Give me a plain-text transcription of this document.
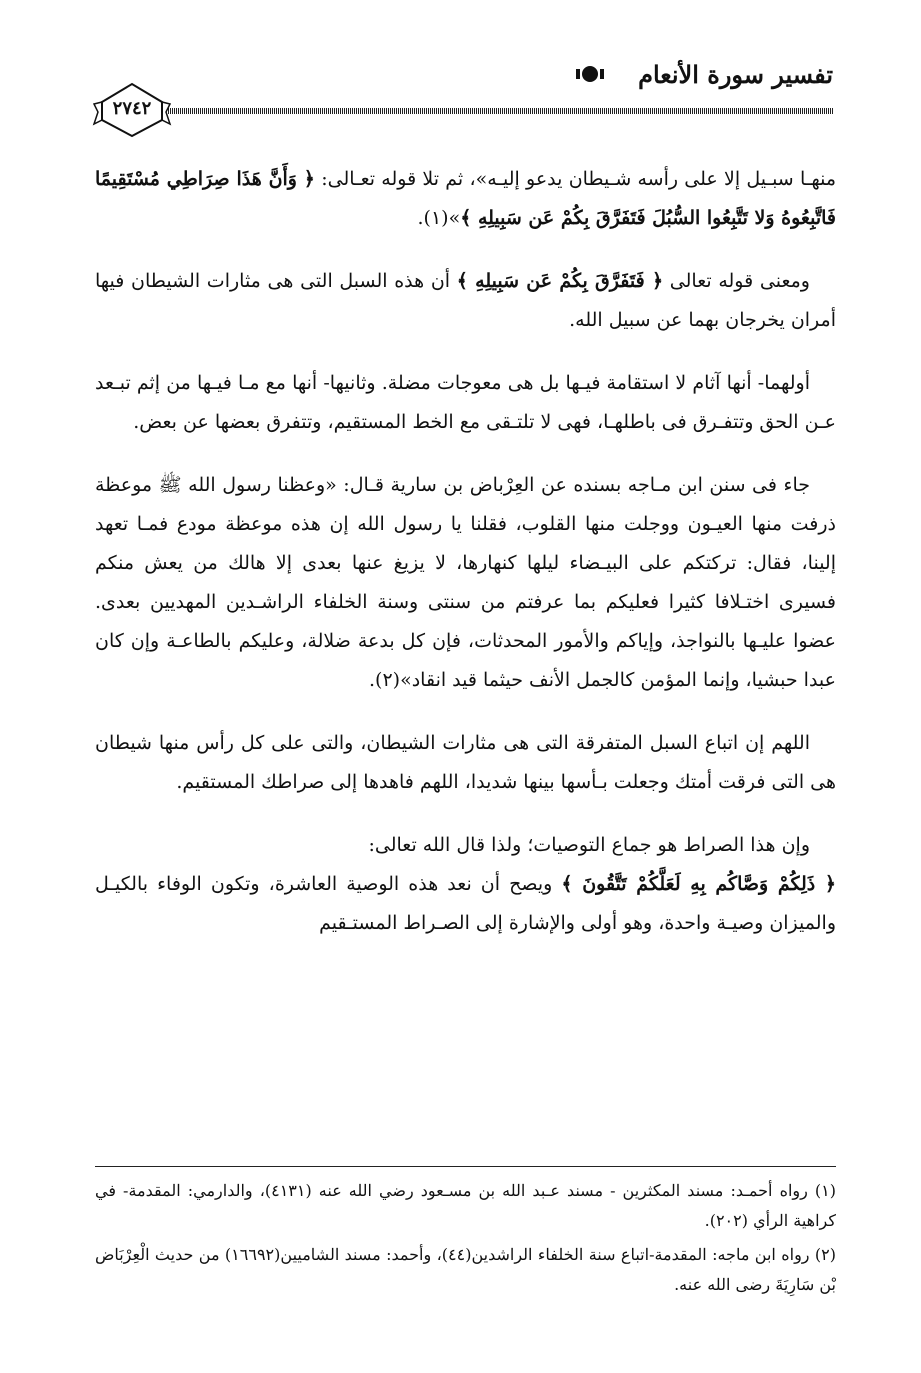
تفسير سورة الأنعام
٢٧٤٢

منهـا سبـيل إلا على رأسه شـيطان يدعو إليـه»، ثم تلا قوله تعـالى: ﴿ وَأَنَّ هَذَا صِرَاطِي مُسْتَقِيمًا فَاتَّبِعُوهُ وَلا تَتَّبِعُوا السُّبُلَ فَتَفَرَّقَ بِكُمْ عَن سَبِيلِهِ ﴾»(١).

ومعنى قوله تعالى ﴿ فَتَفَرَّقَ بِكُمْ عَن سَبِيلِهِ ﴾ أن هذه السبل التى هى مثارات الشيطان فيها أمران يخرجان بهما عن سبيل الله.

أولهما- أنها آثام لا استقامة فيـها بل هى معوجات مضلة. وثانيها- أنها مع مـا فيـها من إثم تبـعد عـن الحق وتتفـرق فى باطلهـا، فهى لا تلتـقى مع الخط المستقيم، وتتفرق بعضها عن بعض.

جاء فى سنن ابن مـاجه بسنده عن العِرْباض بن سارية قـال: «وعظنا رسول الله ﷺ موعظة ذرفت منها العيـون ووجلت منها القلوب، فقلنا يا رسول الله إن هذه موعظة مودع فمـا تعهد إلينا، فقال: تركتكم على البيـضاء ليلها كنهارها، لا يزيغ عنها بعدى إلا هالك من يعش منكم فسيرى اختـلافا كثيرا فعليكم بما عرفتم من سنتى وسنة الخلفاء الراشـدين المهديين بعدى. عضوا عليـها بالنواجذ، وإياكم والأمور المحدثات، فإن كل بدعة ضلالة، وعليكم بالطاعـة وإن كان عبدا حبشيا، وإنما المؤمن كالجمل الأنف حيثما قيد انقاد»(٢).

اللهم إن اتباع السبل المتفرقة التى هى مثارات الشيطان، والتى على كل رأس منها شيطان هى التى فرقت أمتك وجعلت بـأسها بينها شديدا، اللهم فاهدها إلى صراطك المستقيم.

وإن هذا الصراط هو جماع التوصيات؛ ولذا قال الله تعالى:

﴿ ذَلِكُمْ وَصَّاكُم بِهِ لَعَلَّكُمْ تَتَّقُونَ ﴾ ويصح أن نعد هذه الوصية العاشرة، وتكون الوفاء بالكيـل والميزان وصيـة واحدة، وهو أولى والإشارة إلى الصـراط المستـقيم

(١) رواه أحمـد: مسند المكثرين - مسند عـبد الله بن مسـعود رضي الله عنه (٤١٣١)، والدارمي: المقدمة- في كراهية الرأي (٢٠٢).

(٢) رواه ابن ماجه: المقدمة-اتباع سنة الخلفاء الراشدين(٤٤)، وأحمد: مسند الشاميين(١٦٦٩٢) من حديث الْعِرْبَاض بْن سَارِيَةَ رضى الله عنه.
